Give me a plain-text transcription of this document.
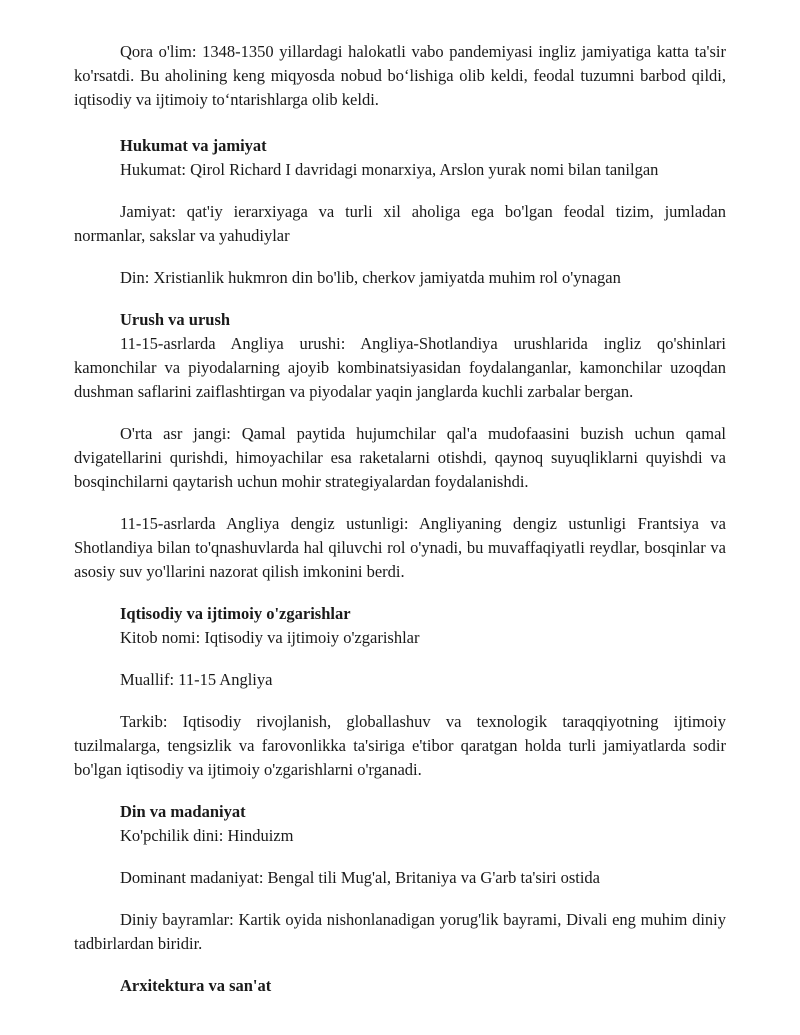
Qora o'lim: 1348-1350 yillardagi halokatli vabo pandemiyasi ingliz jamiyatiga katta ta'sir ko'rsatdi. Bu aholining keng miqyosda nobud bo‘lishiga olib keldi, feodal tuzumni barbod qildi, iqtisodiy va ijtimoiy to‘ntarishlarga olib keldi.

Hukumat va jamiyat

Hukumat: Qirol Richard I davridagi monarxiya, Arslon yurak nomi bilan tanilgan

Jamiyat: qat'iy ierarxiyaga va turli xil aholiga ega bo'lgan feodal tizim, jumladan normanlar, sakslar va yahudiylar

Din: Xristianlik hukmron din bo'lib, cherkov jamiyatda muhim rol o'ynagan

Urush va urush

11-15-asrlarda Angliya urushi: Angliya-Shotlandiya urushlarida ingliz qo'shinlari kamonchilar va piyodalarning ajoyib kombinatsiyasidan foydalanganlar, kamonchilar uzoqdan dushman saflarini zaiflashtirgan va piyodalar yaqin janglarda kuchli zarbalar bergan.

O'rta asr jangi: Qamal paytida hujumchilar qal'a mudofaasini buzish uchun qamal dvigatellarini qurishdi, himoyachilar esa raketalarni otishdi, qaynoq suyuqliklarni quyishdi va bosqinchilarni qaytarish uchun mohir strategiyalardan foydalanishdi.

11-15-asrlarda Angliya dengiz ustunligi: Angliyaning dengiz ustunligi Frantsiya va Shotlandiya bilan to'qnashuvlarda hal qiluvchi rol o'ynadi, bu muvaffaqiyatli reydlar, bosqinlar va asosiy suv yo'llarini nazorat qilish imkonini berdi.

Iqtisodiy va ijtimoiy o'zgarishlar

Kitob nomi: Iqtisodiy va ijtimoiy o'zgarishlar

Muallif: 11-15 Angliya

Tarkib: Iqtisodiy rivojlanish, globallashuv va texnologik taraqqiyotning ijtimoiy tuzilmalarga, tengsizlik va farovonlikka ta'siriga e'tibor qaratgan holda turli jamiyatlarda sodir bo'lgan iqtisodiy va ijtimoiy o'zgarishlarni o'rganadi.

Din va madaniyat

Ko'pchilik dini: Hinduizm

Dominant madaniyat: Bengal tili Mug'al, Britaniya va G'arb ta'siri ostida

Diniy bayramlar: Kartik oyida nishonlanadigan yorug'lik bayrami, Divali eng muhim diniy tadbirlardan biridir.

Arxitektura va san'at
